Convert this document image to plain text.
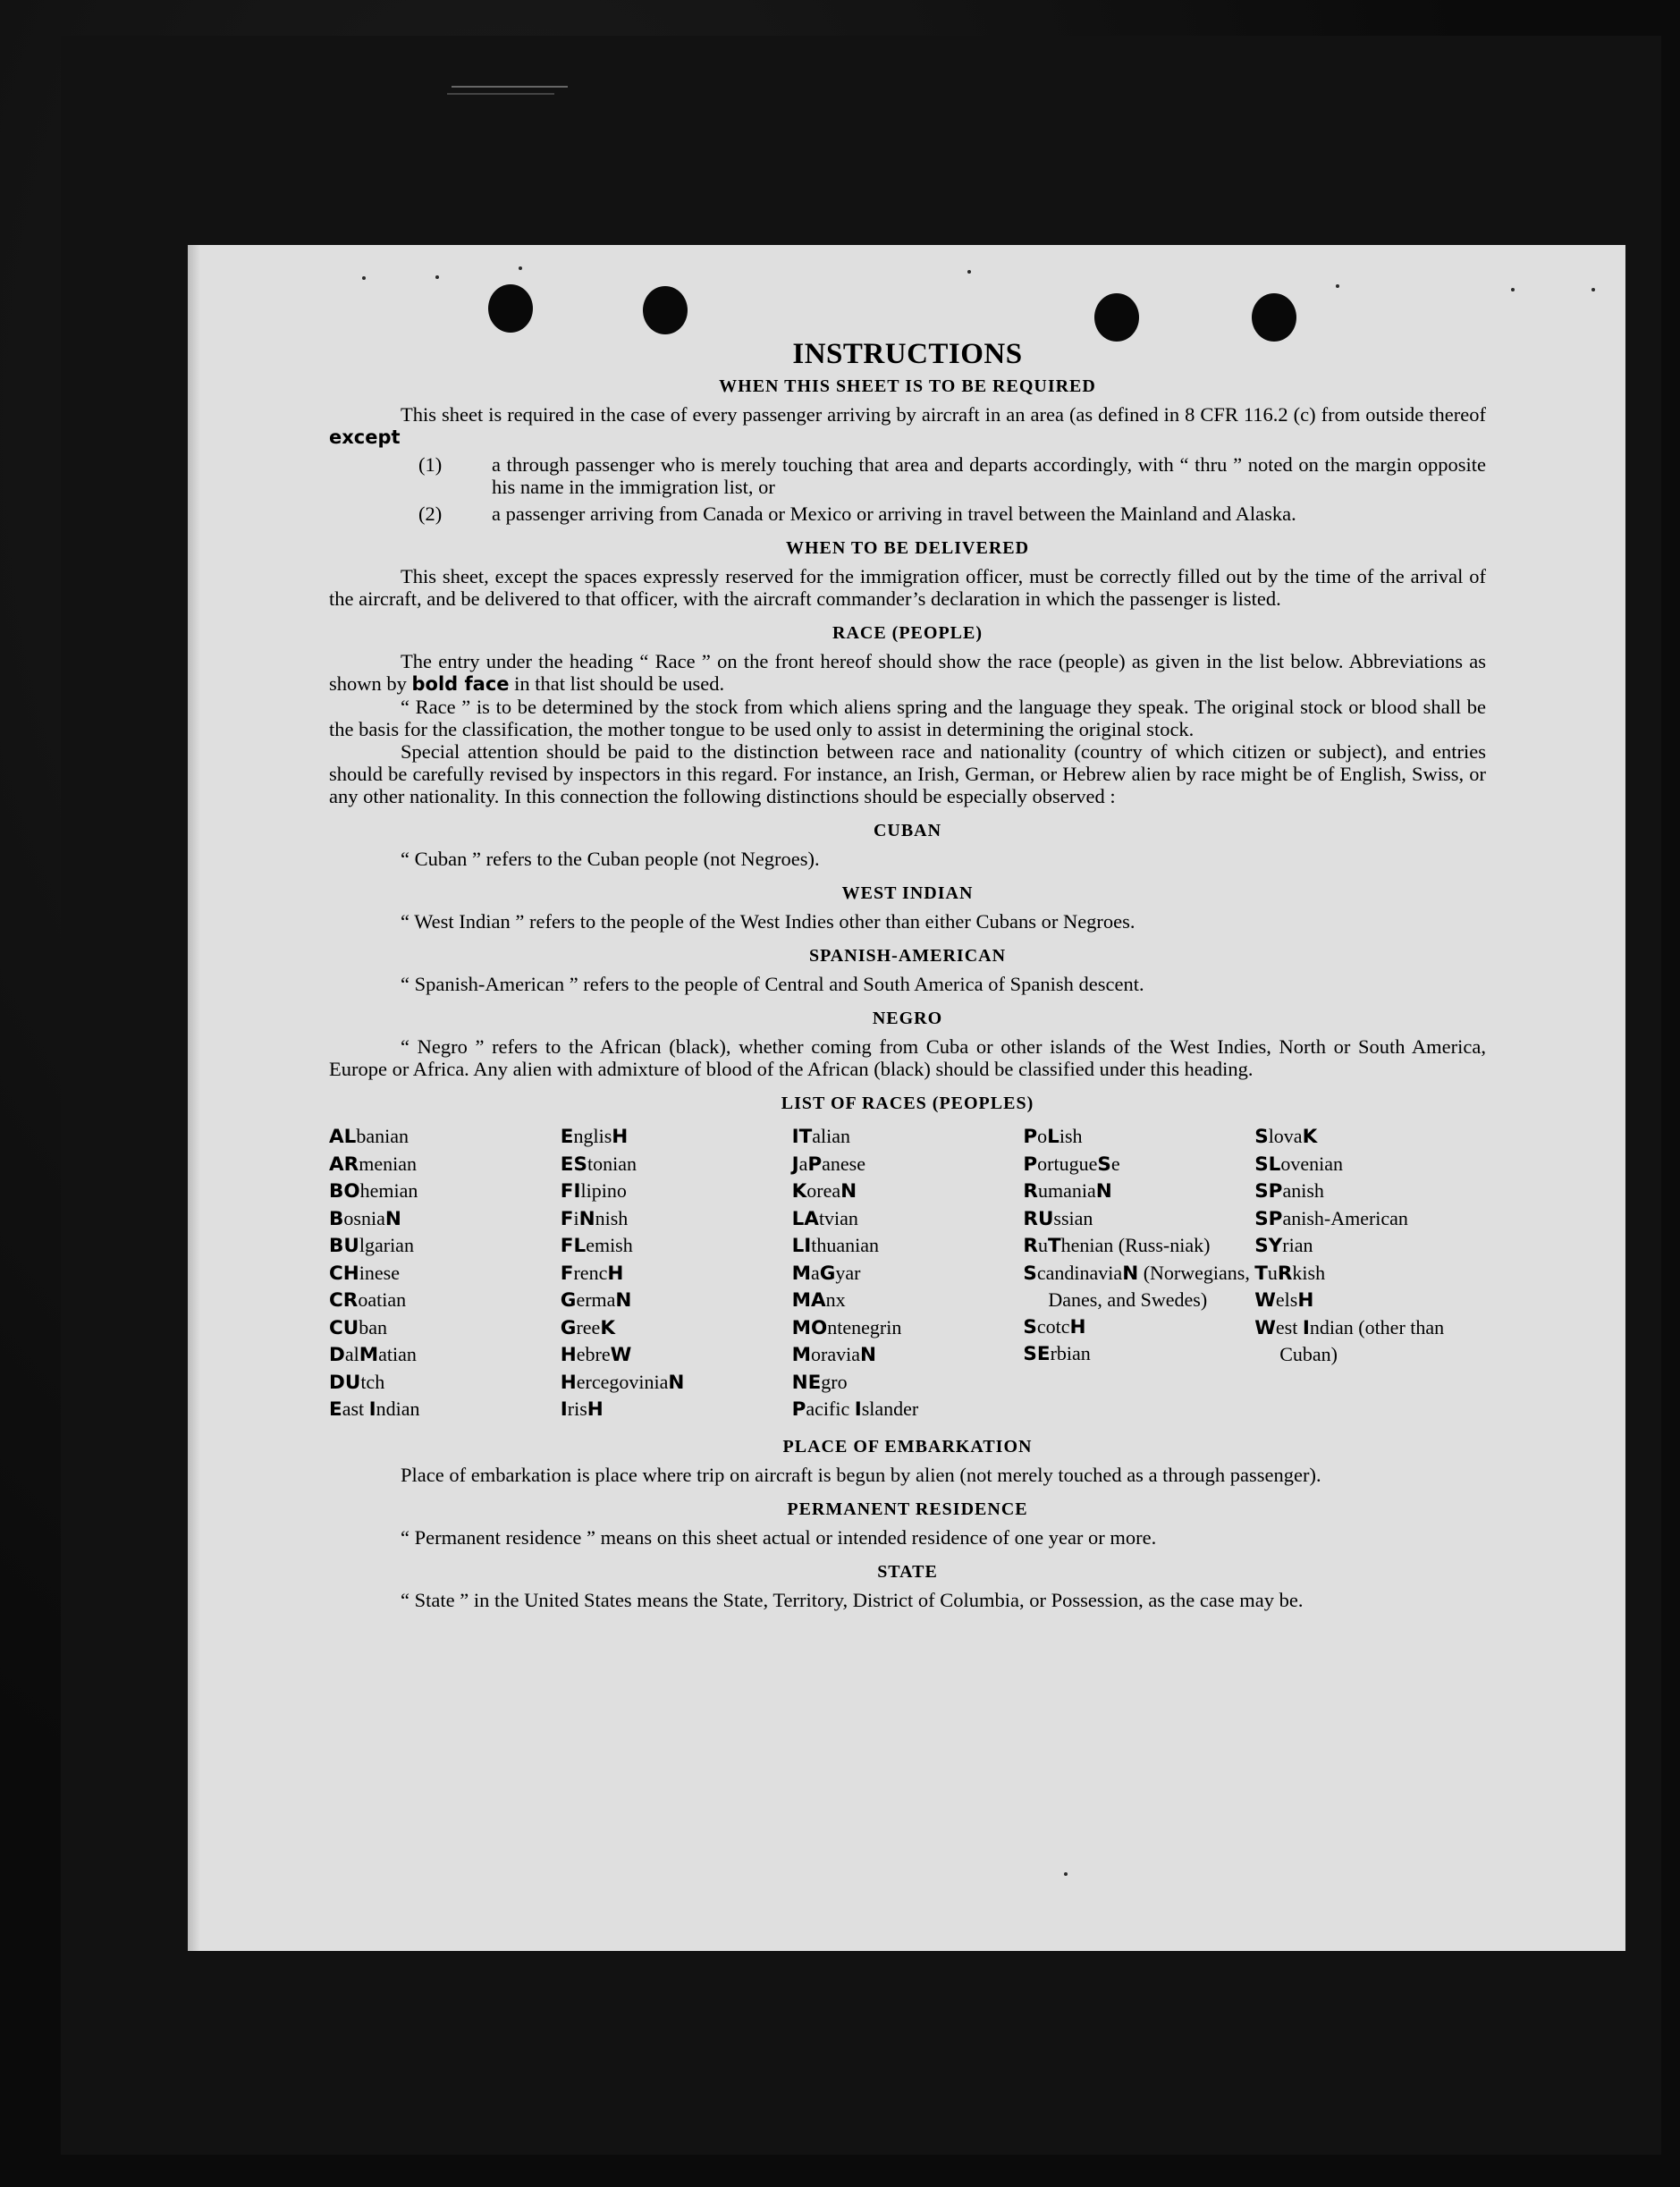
INSTRUCTIONS
WHEN THIS SHEET IS TO BE REQUIRED

This sheet is required in the case of every passenger arriving by aircraft in an area (as defined in 8 CFR 116.2 (c) from outside thereof except

(1)	a through passenger who is merely touching that area and departs accordingly, with “ thru ” noted on the margin opposite his name in the immigration list, or
(2)	a passenger arriving from Canada or Mexico or arriving in travel between the Mainland and Alaska.
WHEN TO BE DELIVERED

This sheet, except the spaces expressly reserved for the immigration officer, must be correctly filled out by the time of the arrival of the aircraft, and be delivered to that officer, with the aircraft commander’s declaration in which the passenger is listed.

RACE (PEOPLE)

The entry under the heading “ Race ” on the front hereof should show the race (people) as given in the list below. Abbreviations as shown by bold face in that list should be used.

“ Race ” is to be determined by the stock from which aliens spring and the language they speak. The original stock or blood shall be the basis for the classification, the mother tongue to be used only to assist in determining the original stock.

Special attention should be paid to the distinction between race and nationality (country of which citizen or subject), and entries should be carefully revised by inspectors in this regard. For instance, an Irish, German, or Hebrew alien by race might be of English, Swiss, or any other nationality. In this connection the following distinctions should be especially observed :

CUBAN

“ Cuban ” refers to the Cuban people (not Negroes).

WEST INDIAN

“ West Indian ” refers to the people of the West Indies other than either Cubans or Negroes.

SPANISH-AMERICAN

“ Spanish-American ” refers to the people of Central and South America of Spanish descent.

NEGRO

“ Negro ” refers to the African (black), whether coming from Cuba or other islands of the West Indies, North or South America, Europe or Africa. Any alien with admixture of blood of the African (black) should be classified under this heading.

LIST OF RACES (PEOPLES)
ALbanian
ARmenian
BOhemian
BosniaN
BUlgarian
CHinese
CRoatian
CUban
DalMatian
DUtch
East Indian
EnglisH
EStonian
FIlipino
FiNnish
FLemish
FrencH
GermaN
GreeK
HebreW
HercegoviniaN
IrisH
ITalian
JaPanese
KoreaN
LAtvian
LIthuanian
MaGyar
MAnx
MOntenegrin
MoraviaN
NEgro
Pacific Islander
PoLish
PortugueSe
RumaniaN
RUssian
RuThenian (Russ-niak)
ScandinaviaN (Norwegians, Danes, and Swedes)
ScotcH
SErbian
SlovaK
SLovenian
SPanish
SPanish-American
SYrian
TuRkish
WelsH
West Indian (other than Cuban)
PLACE OF EMBARKATION

Place of embarkation is place where trip on aircraft is begun by alien (not merely touched as a through passenger).

PERMANENT RESIDENCE

“ Permanent residence ” means on this sheet actual or intended residence of one year or more.

STATE

“ State ” in the United States means the State, Territory, District of Columbia, or Possession, as the case may be.
